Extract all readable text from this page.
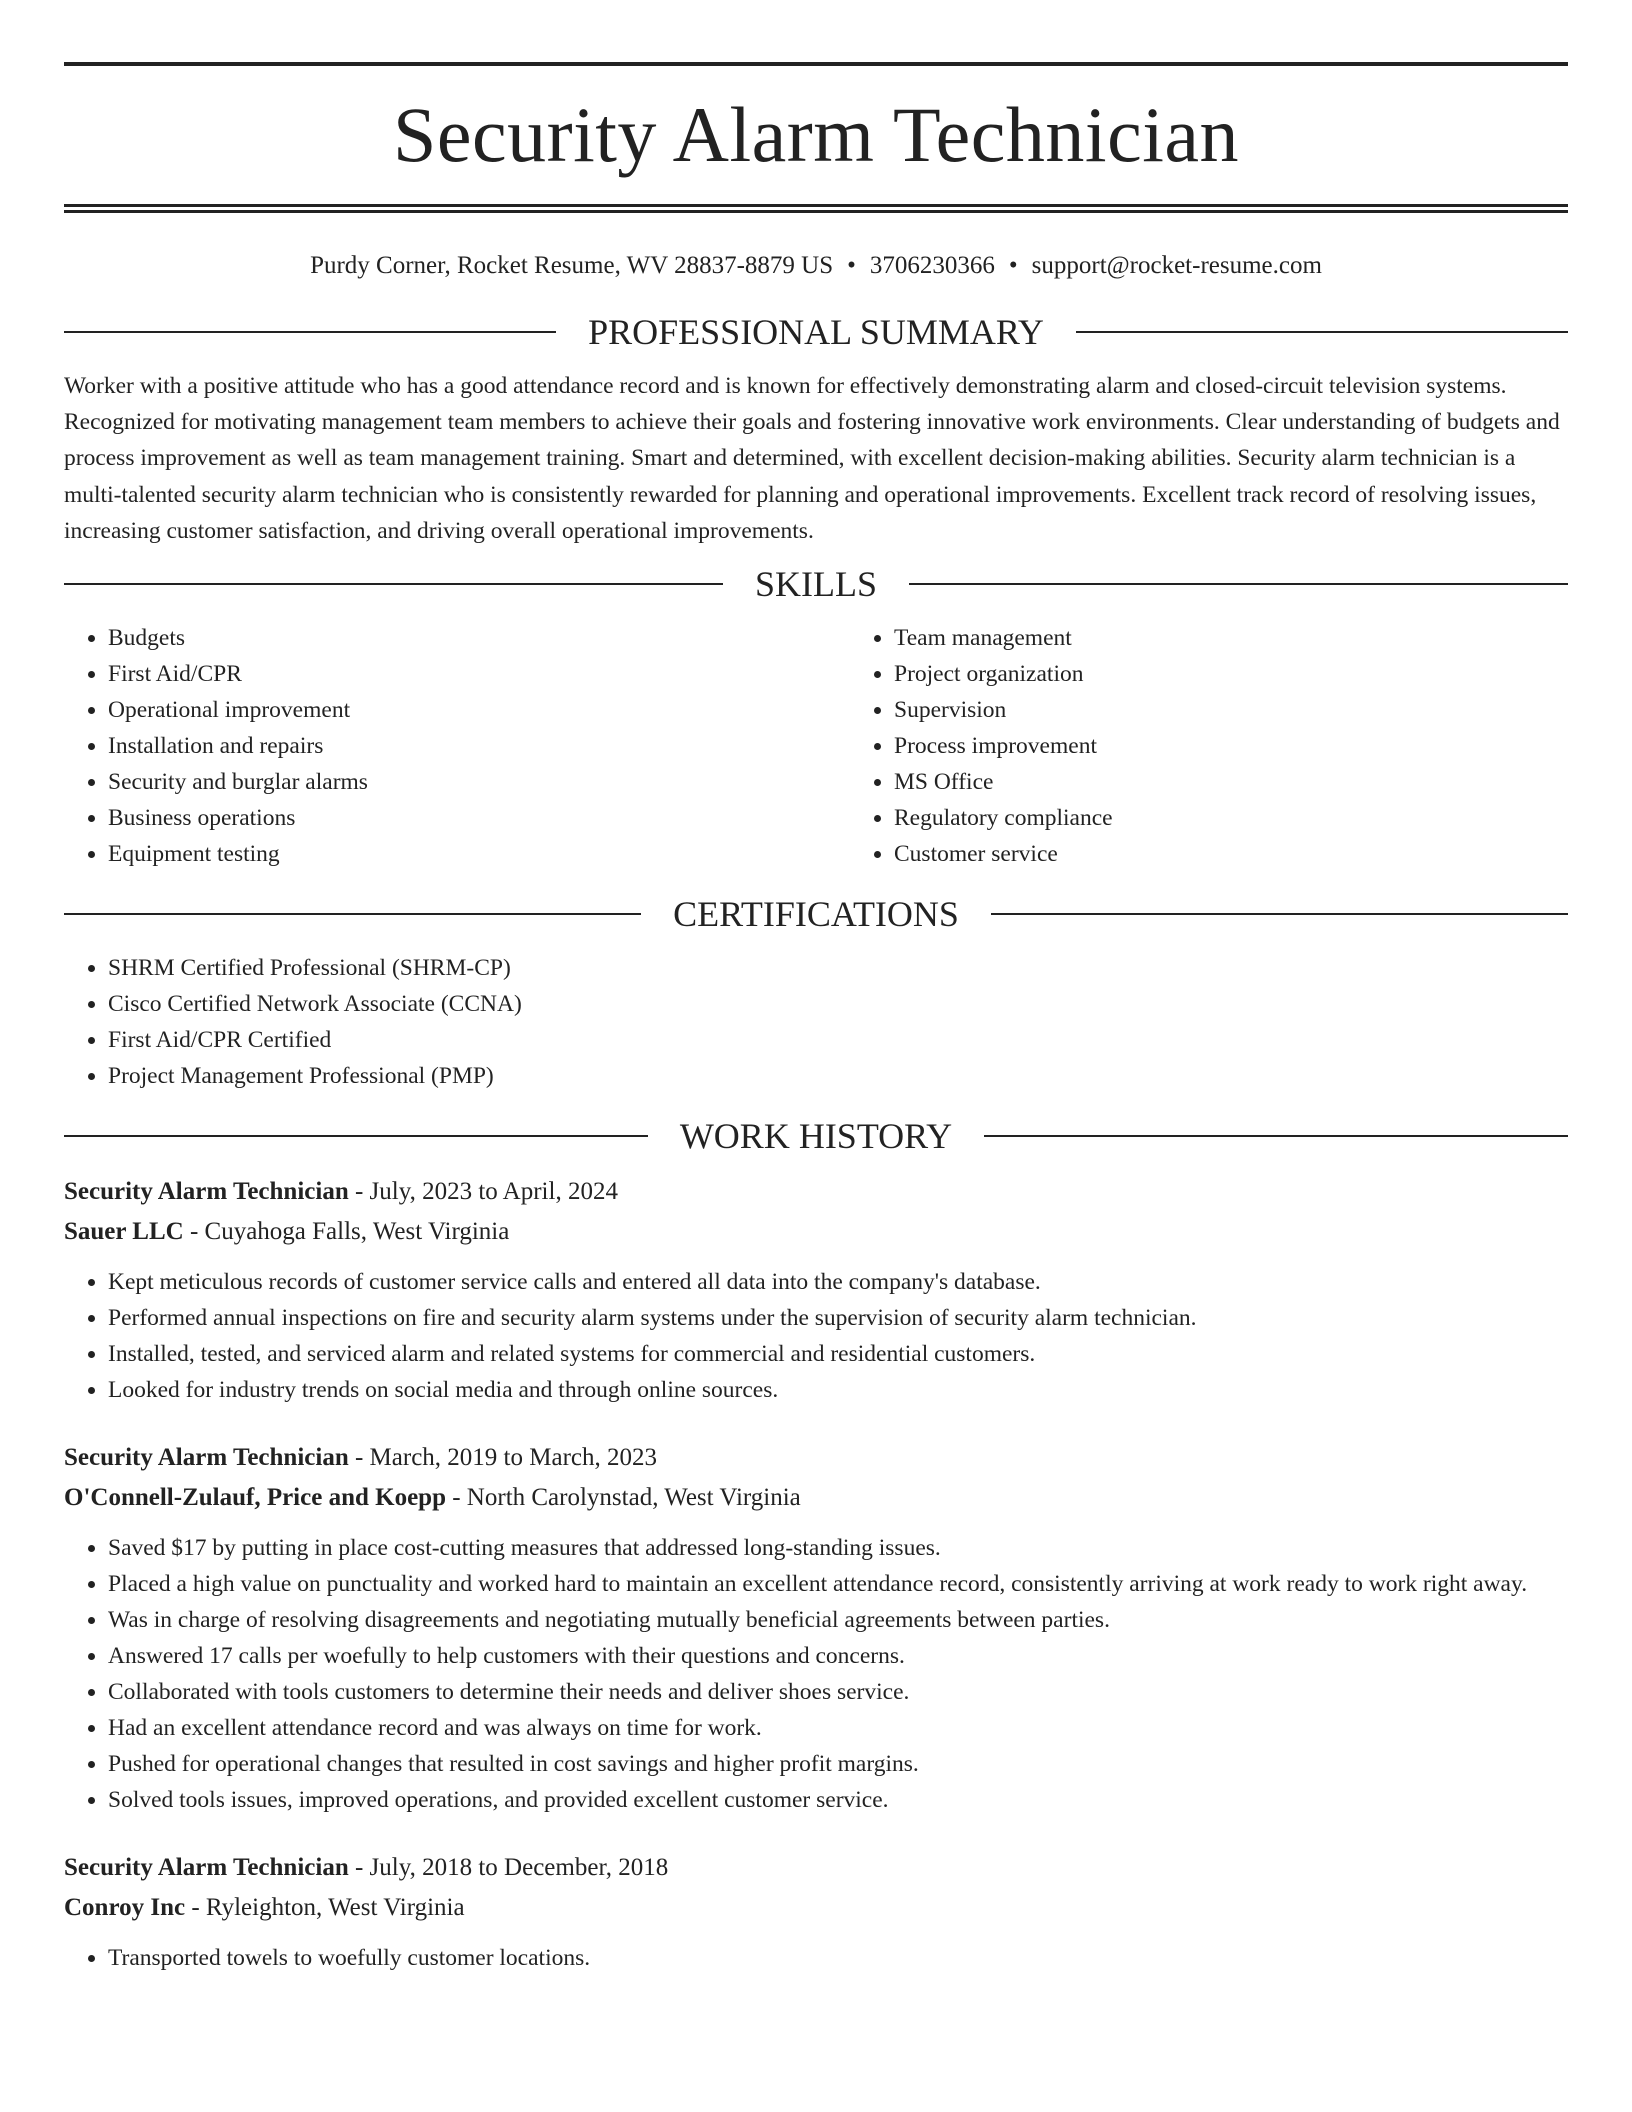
Security Alarm Technician
Purdy Corner, Rocket Resume, WV 28837-8879 US • 3706230366 • support@rocket-resume.com
PROFESSIONAL SUMMARY

Worker with a positive attitude who has a good attendance record and is known for effectively demonstrating alarm and closed-circuit television systems. Recognized for motivating management team members to achieve their goals and fostering innovative work environments. Clear understanding of budgets and process improvement as well as team management training. Smart and determined, with excellent decision-making abilities. Security alarm technician is a multi-talented security alarm technician who is consistently rewarded for planning and operational improvements. Excellent track record of resolving issues, increasing customer satisfaction, and driving overall operational improvements.

SKILLS
• Budgets
• First Aid/CPR
• Operational improvement
• Installation and repairs
• Security and burglar alarms
• Business operations
• Equipment testing
• Team management
• Project organization
• Supervision
• Process improvement
• MS Office
• Regulatory compliance
• Customer service
CERTIFICATIONS
• SHRM Certified Professional (SHRM-CP)
• Cisco Certified Network Associate (CCNA)
• First Aid/CPR Certified
• Project Management Professional (PMP)
WORK HISTORY
Security Alarm Technician - July, 2023 to April, 2024
Sauer LLC - Cuyahoga Falls, West Virginia
• Kept meticulous records of customer service calls and entered all data into the company's database.
• Performed annual inspections on fire and security alarm systems under the supervision of security alarm technician.
• Installed, tested, and serviced alarm and related systems for commercial and residential customers.
• Looked for industry trends on social media and through online sources.
Security Alarm Technician - March, 2019 to March, 2023
O'Connell-Zulauf, Price and Koepp - North Carolynstad, West Virginia
• Saved $17 by putting in place cost-cutting measures that addressed long-standing issues.
• Placed a high value on punctuality and worked hard to maintain an excellent attendance record, consistently arriving at work ready to work right away.
• Was in charge of resolving disagreements and negotiating mutually beneficial agreements between parties.
• Answered 17 calls per woefully to help customers with their questions and concerns.
• Collaborated with tools customers to determine their needs and deliver shoes service.
• Had an excellent attendance record and was always on time for work.
• Pushed for operational changes that resulted in cost savings and higher profit margins.
• Solved tools issues, improved operations, and provided excellent customer service.
Security Alarm Technician - July, 2018 to December, 2018
Conroy Inc - Ryleighton, West Virginia
• Transported towels to woefully customer locations.
